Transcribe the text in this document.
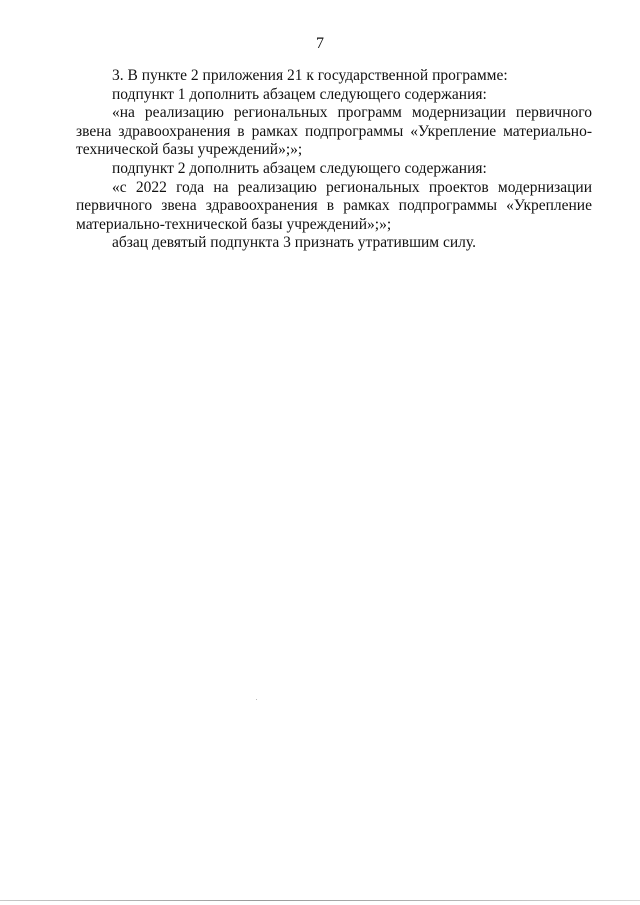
7

3. В пункте 2 приложения 21 к государственной программе:

подпункт 1 дополнить абзацем следующего содержания:

«на реализацию региональных программ модернизации первичного звена здравоохранения в рамках подпрограммы «Укрепление материально-технической базы учреждений»;»;

подпункт 2 дополнить абзацем следующего содержания:

«с 2022 года на реализацию региональных проектов модернизации первичного звена здравоохранения в рамках подпрограммы «Укрепление материально-технической базы учреждений»;»;

абзац девятый подпункта 3 признать утратившим силу.
